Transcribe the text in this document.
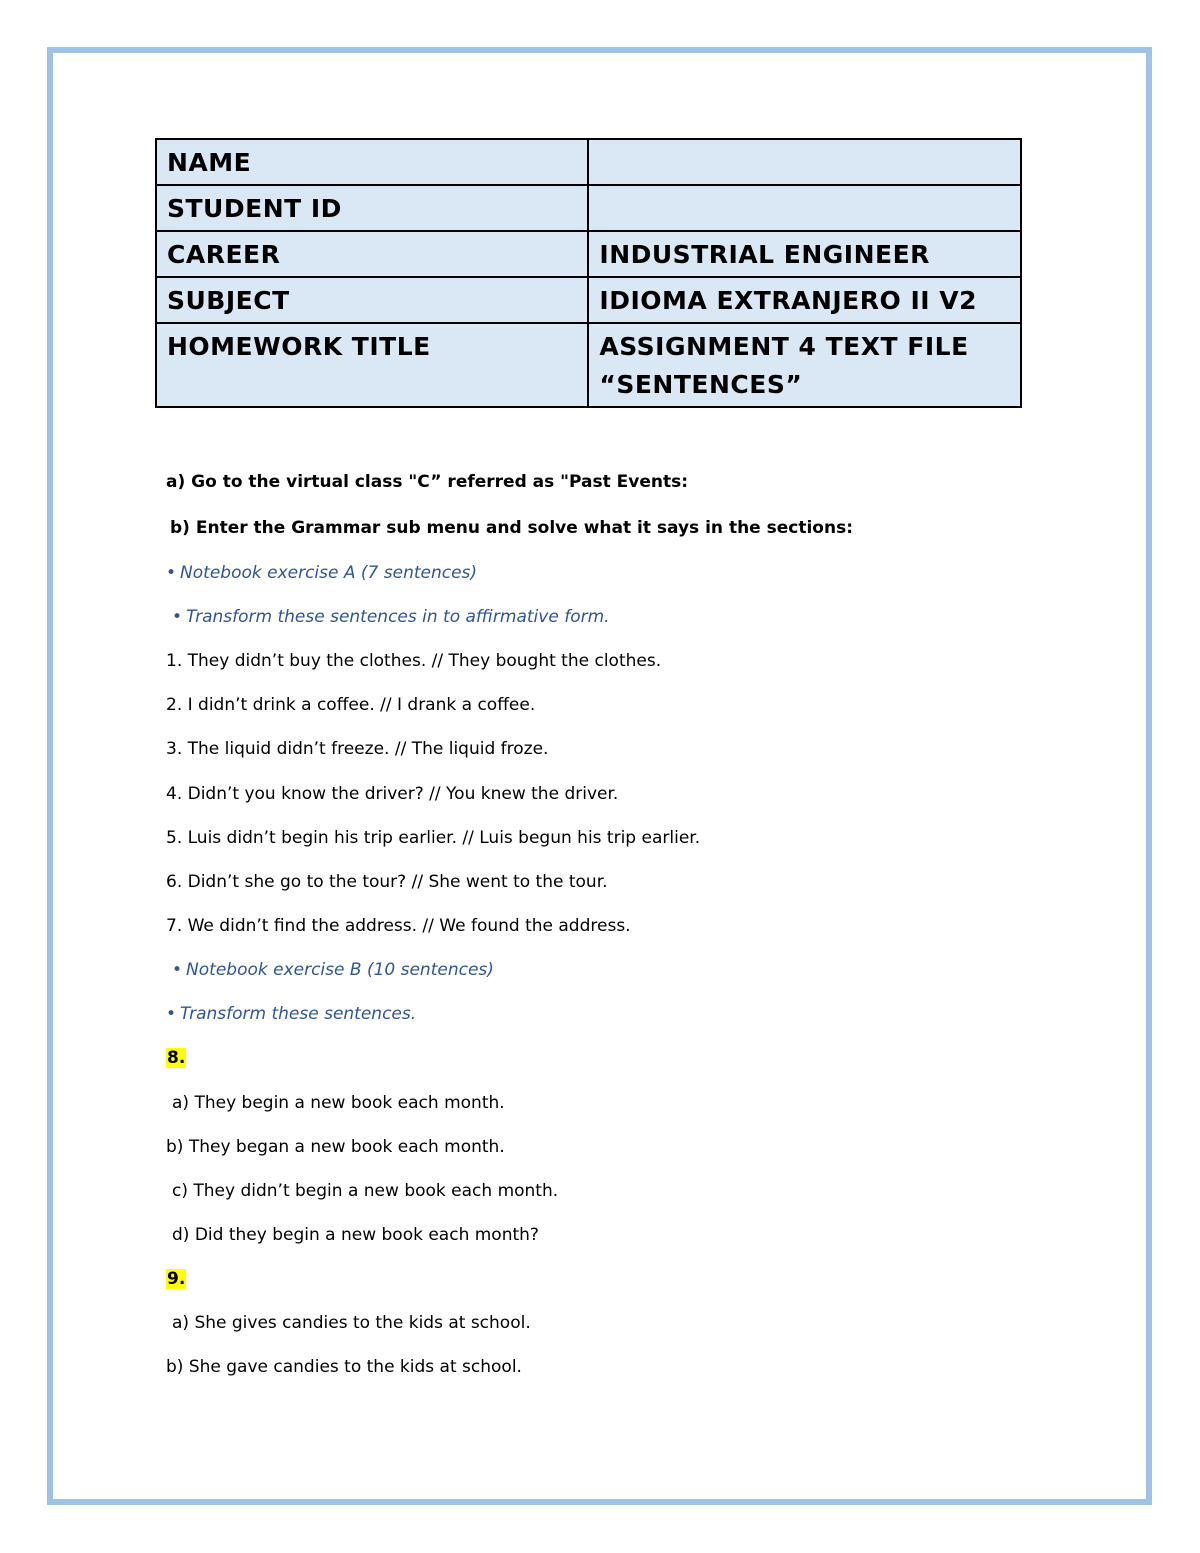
NAME	
STUDENT ID	
CAREER	INDUSTRIAL ENGINEER
SUBJECT	IDIOMA EXTRANJERO II V2
HOMEWORK TITLE	ASSIGNMENT 4 TEXT FILE
“SENTENCES”
a) Go to the virtual class "C” referred as "Past Events:
b) Enter the Grammar sub menu and solve what it says in the sections:
• Notebook exercise A (7 sentences)
• Transform these sentences in to affirmative form.
1. They didn’t buy the clothes. // They bought the clothes.
2. I didn’t drink a coffee. // I drank a coffee.
3. The liquid didn’t freeze. // The liquid froze.
4. Didn’t you know the driver? // You knew the driver.
5. Luis didn’t begin his trip earlier. // Luis begun his trip earlier.
6. Didn’t she go to the tour? // She went to the tour.
7. We didn’t find the address. // We found the address.
• Notebook exercise B (10 sentences)
• Transform these sentences.
8.
a) They begin a new book each month.
b) They began a new book each month.
c) They didn’t begin a new book each month.
d) Did they begin a new book each month?
9.
a) She gives candies to the kids at school.
b) She gave candies to the kids at school.
